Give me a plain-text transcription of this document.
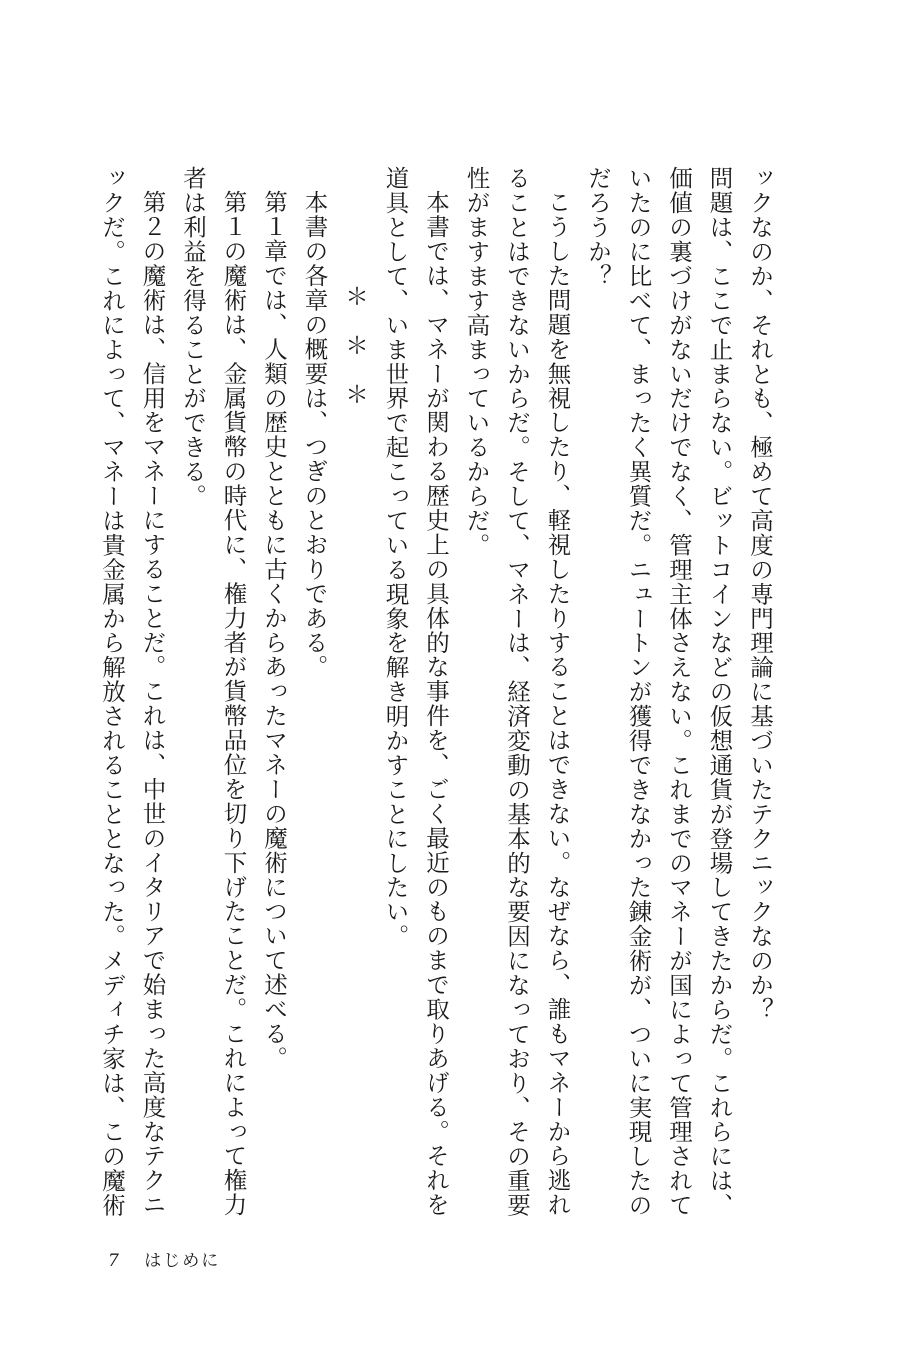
ックなのか、それとも、極めて高度の専門理論に基づいたテクニックなのか？
問題は、ここで止まらない。ビットコインなどの仮想通貨が登場してきたからだ。これらには、
価値の裏づけがないだけでなく、管理主体さえない。これまでのマネーが国によって管理されて
いたのに比べて、まったく異質だ。ニュートンが獲得できなかった錬金術が、ついに実現したの
だろうか？
こうした問題を無視したり、軽視したりすることはできない。なぜなら、誰もマネーから逃れ
ることはできないからだ。そして、マネーは、経済変動の基本的な要因になっており、その重要
性がますます高まっているからだ。
本書では、マネーが関わる歴史上の具体的な事件を、ごく最近のものまで取りあげる。それを
道具として、いま世界で起こっている現象を解き明かすことにしたい。
＊　＊　＊
本書の各章の概要は、つぎのとおりである。
第１章では、人類の歴史とともに古くからあったマネーの魔術について述べる。
第１の魔術は、金属貨幣の時代に、権力者が貨幣品位を切り下げたことだ。これによって権力
者は利益を得ることができる。
第２の魔術は、信用をマネーにすることだ。これは、中世のイタリアで始まった高度なテクニ
ックだ。これによって、マネーは貴金属から解放されることとなった。メディチ家は、この魔術
7 はじめに
